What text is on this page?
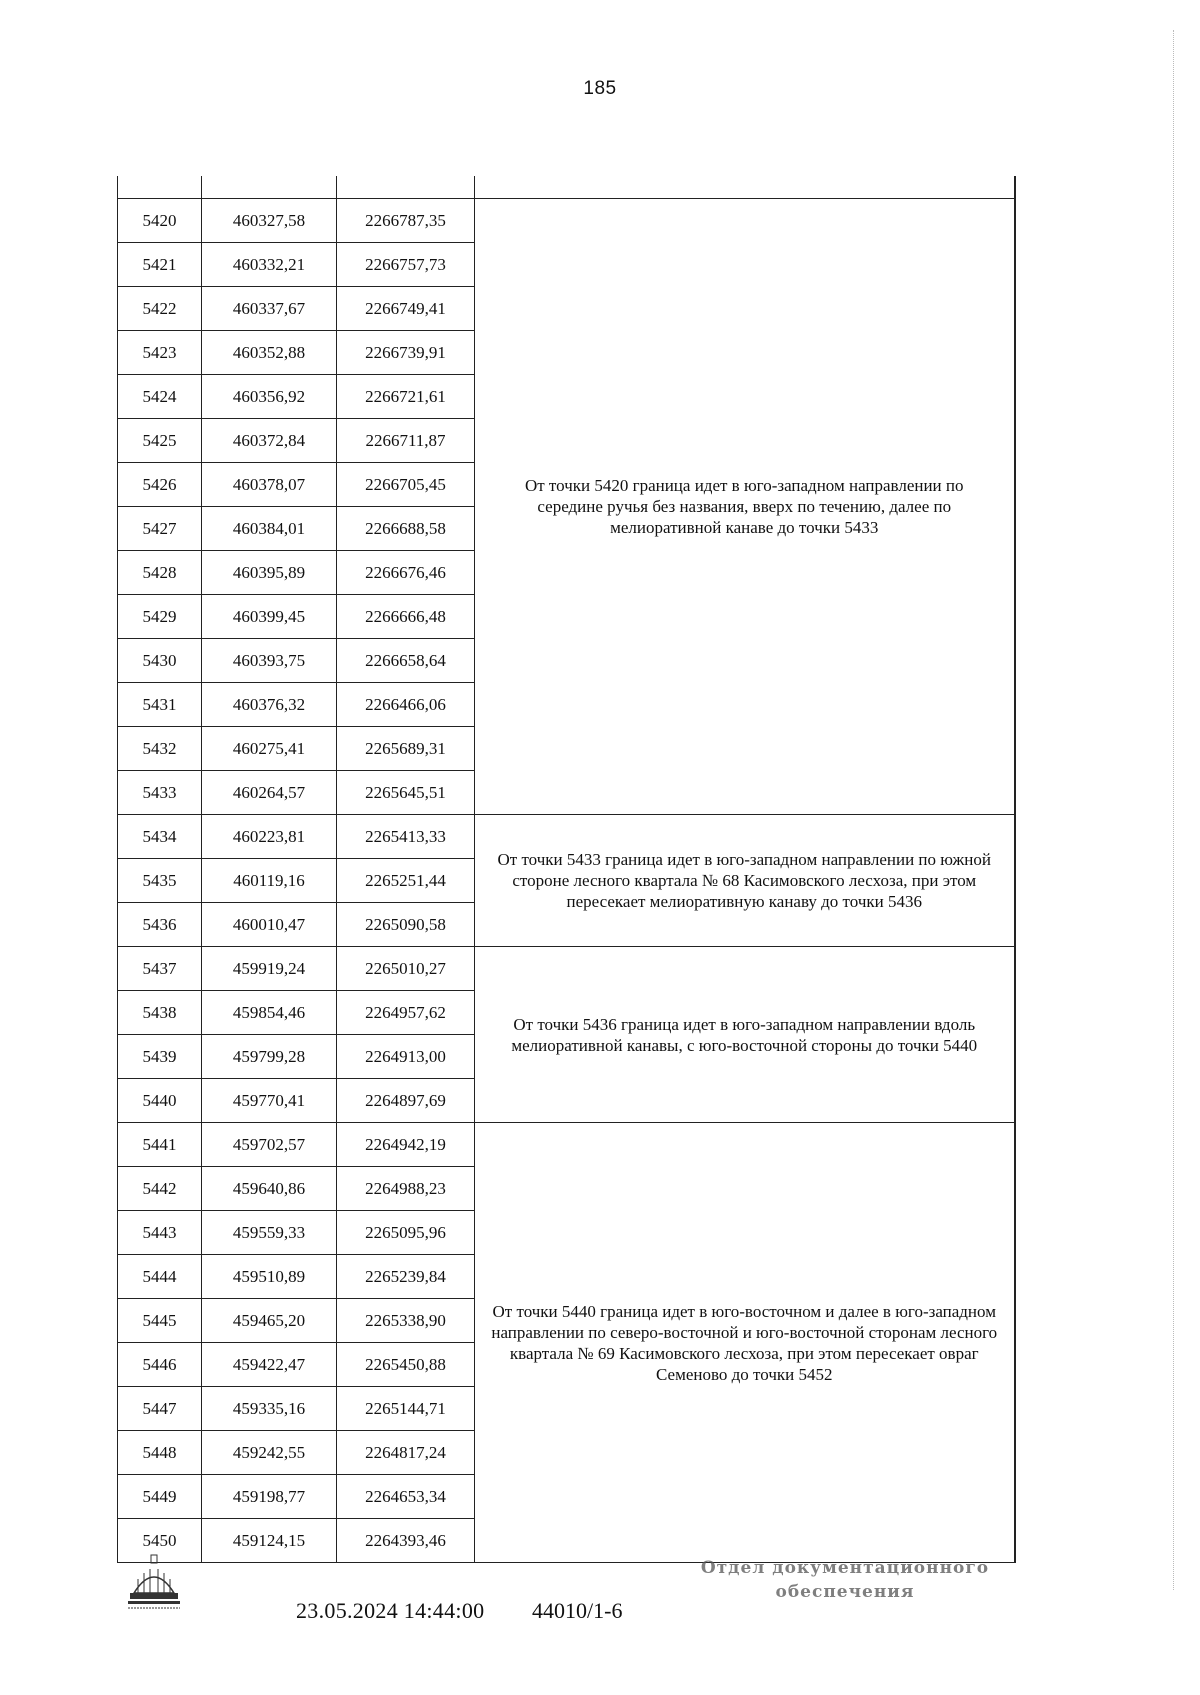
185

5420	460327,58	2266787,35	От точки 5420 граница идет в юго-западном направлении по середине ручья без названия, вверх по течению, далее по мелиоративной канаве до точки 5433
5421	460332,21	2266757,73	
5422	460337,67	2266749,41	
5423	460352,88	2266739,91	
5424	460356,92	2266721,61	
5425	460372,84	2266711,87	
5426	460378,07	2266705,45	
5427	460384,01	2266688,58	
5428	460395,89	2266676,46	
5429	460399,45	2266666,48	
5430	460393,75	2266658,64	
5431	460376,32	2266466,06	
5432	460275,41	2265689,31	
5433	460264,57	2265645,51	
5434	460223,81	2265413,33	От точки 5433 граница идет в юго-западном направлении по южной стороне лесного квартала № 68 Касимовского лесхоза, при этом пересекает мелиоративную канаву до точки 5436
5435	460119,16	2265251,44	
5436	460010,47	2265090,58	
5437	459919,24	2265010,27	От точки 5436 граница идет в юго-западном направлении вдоль мелиоративной канавы, с юго-восточной стороны до точки 5440
5438	459854,46	2264957,62	
5439	459799,28	2264913,00	
5440	459770,41	2264897,69	
5441	459702,57	2264942,19	От точки 5440 граница идет в юго-восточном и далее в юго-западном направлении по северо-восточной и юго-восточной сторонам лесного квартала № 69 Касимовского лесхоза, при этом пересекает овраг Семеново до точки 5452
5442	459640,86	2264988,23	
5443	459559,33	2265095,96	
5444	459510,89	2265239,84	
5445	459465,20	2265338,90	
5446	459422,47	2265450,88	
5447	459335,16	2265144,71	
5448	459242,55	2264817,24	
5449	459198,77	2264653,34	
5450	459124,15	2264393,46	
23.05.2024 14:44:00 44010/1-6
Отдел документационного
обеспечения
